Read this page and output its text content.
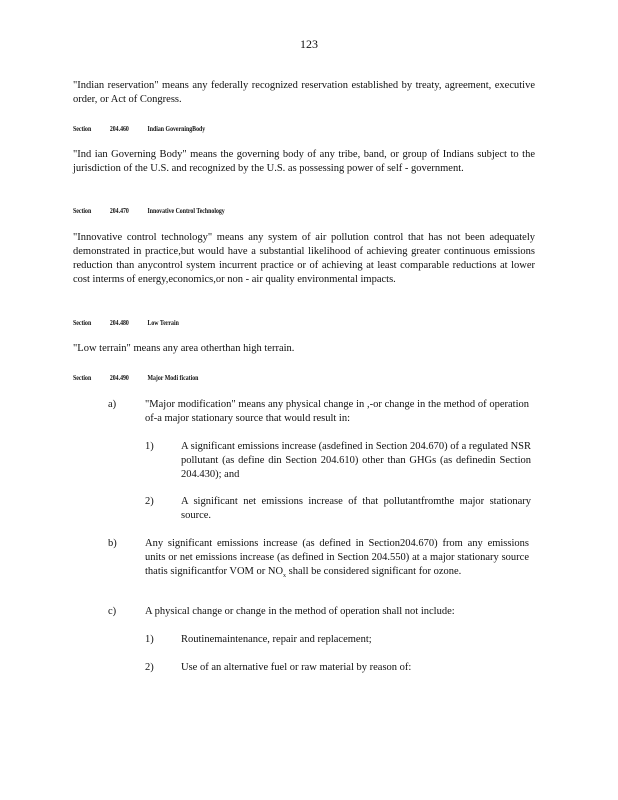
123

"Indian reservation" means any federally recognized reservation established by treaty, agreement, executive order, or Act of Congress.

Section 204.460 Indian GoverningBody

"Ind ian Governing Body" means the governing body of any tribe, band, or group of Indians subject to the jurisdiction of the U.S. and recognized by the U.S. as possessing power of self - government.

Section 204.470 Innovative Control Technology

"Innovative control technology" means any system of air pollution control that has not been adequately demonstrated in practice,but would have a substantial likelihood of achieving greater continuous emissions reduction than anycontrol system incurrent practice or of achieving at least comparable reductions at lower cost interms of energy,economics,or non - air quality environmental impacts.

Section 204.480 Low Terrain

"Low terrain" means any area otherthan high terrain.

Section 204.490 Major Modi fication
a)	"Major modification" means any physical change in ,-or change in the method of operation of-a major stationary source that would result in:

1)	A significant emissions increase (asdefined in Section 204.670) of a regulated NSR pollutant (as define din Section 204.610) other than GHGs (as definedin Section 204.430); and

2)	A significant net emissions increase of that pollutantfromthe major stationary source.

b)	Any significant emissions increase (as defined in Section204.670) from any emissions units or net emissions increase (as defined in Section 204.550) at a major stationary source thatis significantfor VOM or $NO_x$ shall be considered significant for ozone.

c)	A physical change or change in the method of operation shall not include:

1)	Routinemaintenance, repair and replacement;

2)	Use of an alternative fuel or raw material by reason of:
